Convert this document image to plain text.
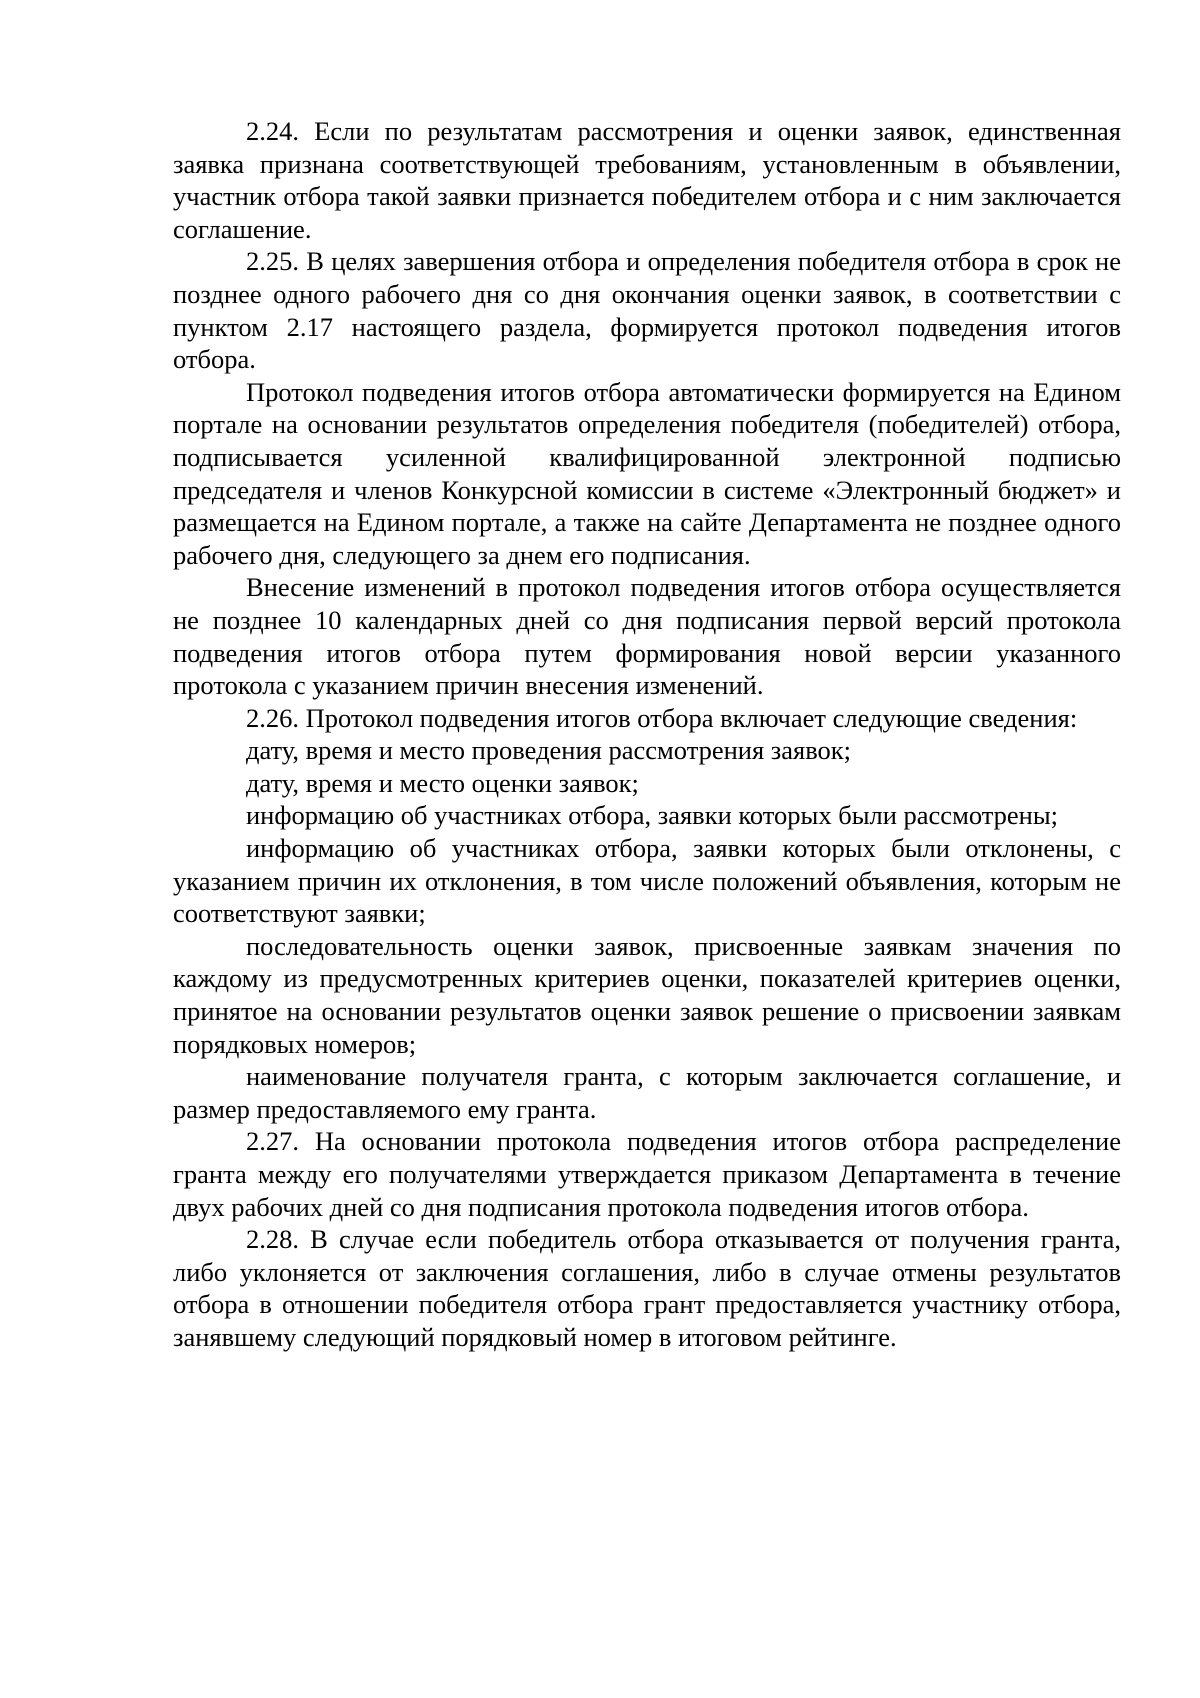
2.24. Если по результатам рассмотрения и оценки заявок, единственная заявка признана соответствующей требованиям, установленным в объявлении, участник отбора такой заявки признается победителем отбора и с ним заключается соглашение.

2.25. В целях завершения отбора и определения победителя отбора в срок не позднее одного рабочего дня со дня окончания оценки заявок, в соответствии с пунктом 2.17 настоящего раздела, формируется протокол подведения итогов отбора.

Протокол подведения итогов отбора автоматически формируется на Едином портале на основании результатов определения победителя (победителей) отбора, подписывается усиленной квалифицированной электронной подписью председателя и членов Конкурсной комиссии в системе «Электронный бюджет» и размещается на Едином портале, а также на сайте Департамента не позднее одного рабочего дня, следующего за днем его подписания.

Внесение изменений в протокол подведения итогов отбора осуществляется не позднее 10 календарных дней со дня подписания первой версий протокола подведения итогов отбора путем формирования новой версии указанного протокола с указанием причин внесения изменений.

2.26. Протокол подведения итогов отбора включает следующие сведения:

дату, время и место проведения рассмотрения заявок;

дату, время и место оценки заявок;

информацию об участниках отбора, заявки которых были рассмотрены;

информацию об участниках отбора, заявки которых были отклонены, с указанием причин их отклонения, в том числе положений объявления, которым не соответствуют заявки;

последовательность оценки заявок, присвоенные заявкам значения по каждому из предусмотренных критериев оценки, показателей критериев оценки, принятое на основании результатов оценки заявок решение о присвоении заявкам порядковых номеров;

наименование получателя гранта, с которым заключается соглашение, и размер предоставляемого ему гранта.

2.27. На основании протокола подведения итогов отбора распределение гранта между его получателями утверждается приказом Департамента в течение двух рабочих дней со дня подписания протокола подведения итогов отбора.

2.28. В случае если победитель отбора отказывается от получения гранта, либо уклоняется от заключения соглашения, либо в случае отмены результатов отбора в отношении победителя отбора грант предоставляется участнику отбора, занявшему следующий порядковый номер в итоговом рейтинге.
